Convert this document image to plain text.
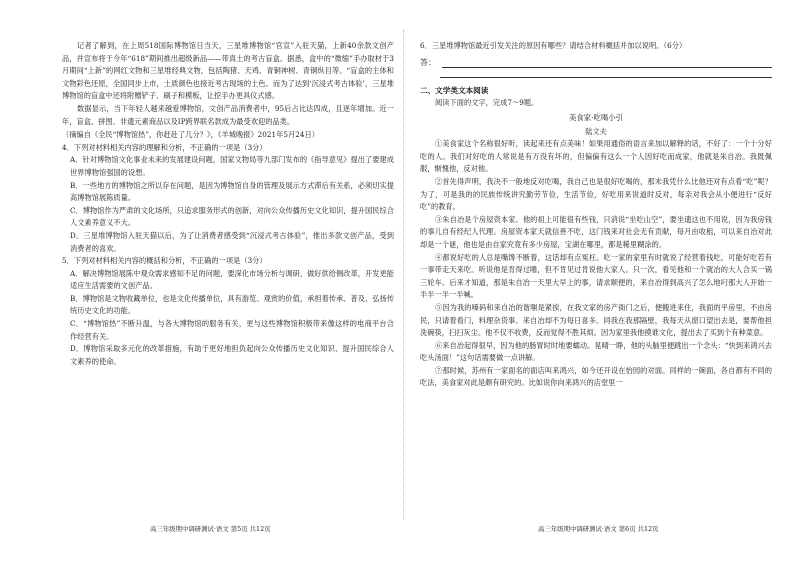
记者了解到，在上周518国际博物馆日当天，三星堆博物馆“官宣”入驻天猫，上新40余款文创产品，并宣布将于今年“618”期间推出超级新品——带真土的考古盲盒。据悉，盒中的“微缩”手办取材于3月期间“上新”的网红文物和三星堆经典文物，包括陶猪、天鸡、青铜神树、青铜纵目等。“盲盒的主体和文物彩色还原，全国同步上市，土质颜色也接近考古现场的土色。而为了达到‘沉浸式考古体验’，三星堆博物馆的盲盒中还将附赠铲子、刷子和模板，让挖手办更具仪式感。

数据显示，当下年轻人越来越爱博物馆，文创产品消费者中，95后占比达四成，且逐年增加。近一年，盲盒、拼图、非遗元素商品以及IP跨界联名款成为最受欢迎的品类。

（摘编自《全民“博物馆热”，你赶赴了几分？》，《羊城晚报》2021年5月24日）

4．下列对材料相关内容的理解和分析，不正确的一项是（3分）

A．针对博物馆文化事业未来的发展建设问题，国家文物局等九部门发布的《指导意见》提出了要建成世界博物馆强国的设想。

B．一些地方的博物馆之所以存在问题，是因为博物馆自身的管理及展示方式滞后有关系，必须切实提高博物馆展陈质量。

C．博物馆作为严肃的文化场所，只追求服务形式的创新，对向公众传播历史文化知识，提升国民综合人文素养意义不大。

D．三星堆博物馆入驻天猫以后，为了让消费者感受到“沉浸式考古体验”，推出多款文创产品，受到消费者的喜欢。

5．下列对材料相关内容的概括和分析，不正确的一项是（3分）

A．解决博物馆展陈中观众需求感知不足的问题，要深化市场分析与调研，做好供给侧改革，开发更能适应生活需要的文创产品。

B．博物馆是文物收藏单位，也是文化传播单位，具有游览、观赏的价值，承担着传承、普及、弘扬传统历史文化的功能。

C．“博物馆热”不断升温，与各大博物馆的服务有关，更与这些博物馆积极带来像这样的电商平台合作经营有关。

D．博物馆采取多元化的改革措施，有助于更好地担负起向公众传播历史文化知识、提升国民综合人文素养的使命。

6．三星堆博物馆最近引发关注的原因有哪些？请结合材料概括并加以说明。（6分）

答：
二、文学类文本阅读

阅读下面的文字，完成7～9题。

美食家·吃喝小引
陆文夫

①美食家这个名称很好听，读起来还有点美味！如果用通俗的语言来加以解释的话，不好了：一个十分好吃的人。我们对好吃的人常说是有万没有坏的，但偏偏有这么一个人因好吃而成家，他就是朱自冶。我既佩服，惭愧他，反对他。

②首先得声明，我决不一般地反对吃喝，我自己也是很好吃喝的，那末我凭什么比他还对有点看“吃”呢？为了，可是我的的民族传统讲究勤劳节俭，生活节俭，好吃用来说道时反对，每亲对我会从小便进行“反好吃”的教育。

③朱自冶是个房屋资本家。他的祖上可能很有些钱，只消说“坐吃山空”，要坐遗这也不用说，因为我房钱的事儿自有经纪人代理。房屋资本家天就信善不吃，这门钱来对社会无有贡献，每月由收租，可以来自冶对此却是一个谜，他也是由自家究竟有多少房屋，宝湖在哪里，都是稀里糊涂的。

④都说好吃的人总是嘴馋不断着，这话却有点冤枉。吃一家的家里有时就说了经营着钱吃，可能好吃若有一事带走天来吃。听说他是肯得过嗜，但不肯见过肯说他大家人。只一次，看见他和一个就冶的大人合买一锅三轮车。后来才知道，那是朱自冶一天里大早上的事，请求顺便的，来自冶得到高兴了怎么地叼那大人开始一半半一半一半喊。

⑤因为我的嗓码和来自冶的谐嗤是紧挨，在我文家的房产衙门之后，便搬进来住，我面的平房里，不由房民，只请着看门，料理杂货事。来自冶却不为每日喜多。同我在我那隔壁，我每天从窗口望出去是，要帮他担洗碗筷，扫扫灰尘。他不仅不收费，反而觉得不胜其烦。因为家里我他摸谁文化，提出去了买到个有种菜意。

⑥来自冶起得很早，因为他的肠胃时时地要蠕动。晃晴一睁，他的头脑里便跳出一个念头：“快到来鸿兴去吃头汤面！”这句话需要做一点讲解。

⑦那时候，苏州有一家面名的面店叫来鸿兴，如今还开设在怡园的对面。同样的一碗面，各自都有不同的吃法，美食家对此是颇有研究的。比如说你向来鸿兴的店堂里一

高三年级期中调研测试·语文 第5页 共12页	高三年级期中调研测试·语文 第6页 共12页
